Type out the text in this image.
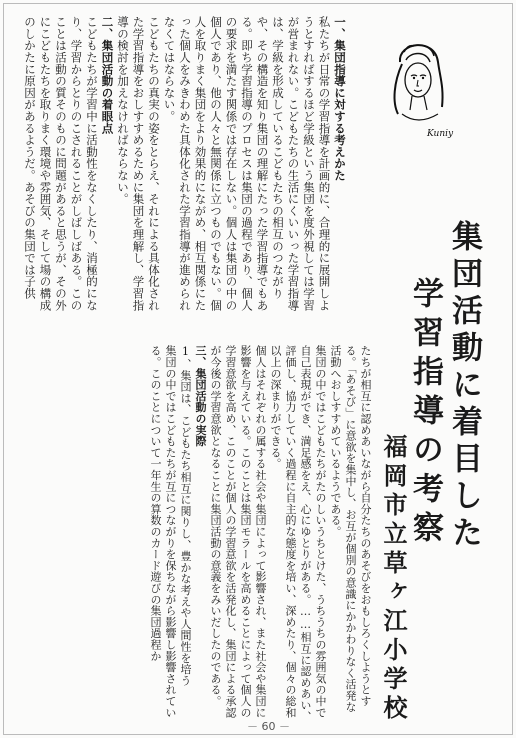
一、集団指導に対する考えかた

私たちが日常の学習指導を計画的に、合理的に展開しようとすればするほど学級という集団を度外視しては学習が営まれない。こどもたちの生活にくいいった学習指導は、学級を形成しているこどもたちの相互のつながりや、その構造を知り集団の理解にたった学習指導でもある。即ち学習指導のプロセスは集団の過程であり、個人の要求を満たす関係では存在しない。個人は集団の中の個人であり、他の人々と無関係に立つものでもない。個人を取りまく集団をより効果的にながめ、相互関係にたった個人をみきわめた具体化された学習指導が進められなくてはならない。

こどもたちの真実の姿をとらえ、それによる具体化された学習指導をおしすすめるために集団を理解し、学習指導の検討を加えなければならない。

二、集団活動の着眼点

こどもたちが学習中に活動性をなくしたり、消極的になり、学習からとりのこされることがしばしばある。このことは活動の質そのものに問題があると思うが、その外にこどもたちを取りまく環境や雰囲気、そして場の構成のしかたに原因があるようだ。あそびの集団では子供	Kuniy
集団活動に着目した
学習指導の考察
福岡市立草ヶ江小学校

たちが相互に認めあいながら自分たちのあそびをおもしろくしようとする。「あそび」に意欲を集中し、お互が個別の意識にかかわりなく活発な活動へおしすすめているようである。

集団の中ではこどもたちがたのしいうちとけた、うちうちの雰囲気の中で自己表現ができ、満足感をえ、心にゆとりがある。……相互に認めあい、評価し、協力していく過程に自主的な態度を培い、深めたり、個々の総和以上の深まりができる。

個人はそれぞれの属する社会や集団によって影響され、また社会や集団に影響を与えている。このことは集団モラールを高めることによって個人の学習意欲を高め、このことが個人の学習意欲を活発化し、集団による承認が今後の学習意欲となることに集団活動の意義をみいだしたのである。

三、集団活動の実際

1、集団は、こどもたち相互に関りし、豊かな考えや人間性を培う

集団の中ではこどもたちが互につながりを保ちながら影響し影響されている。このことについて一年生の算数のカード遊びの集団過程か

－ 60 －
